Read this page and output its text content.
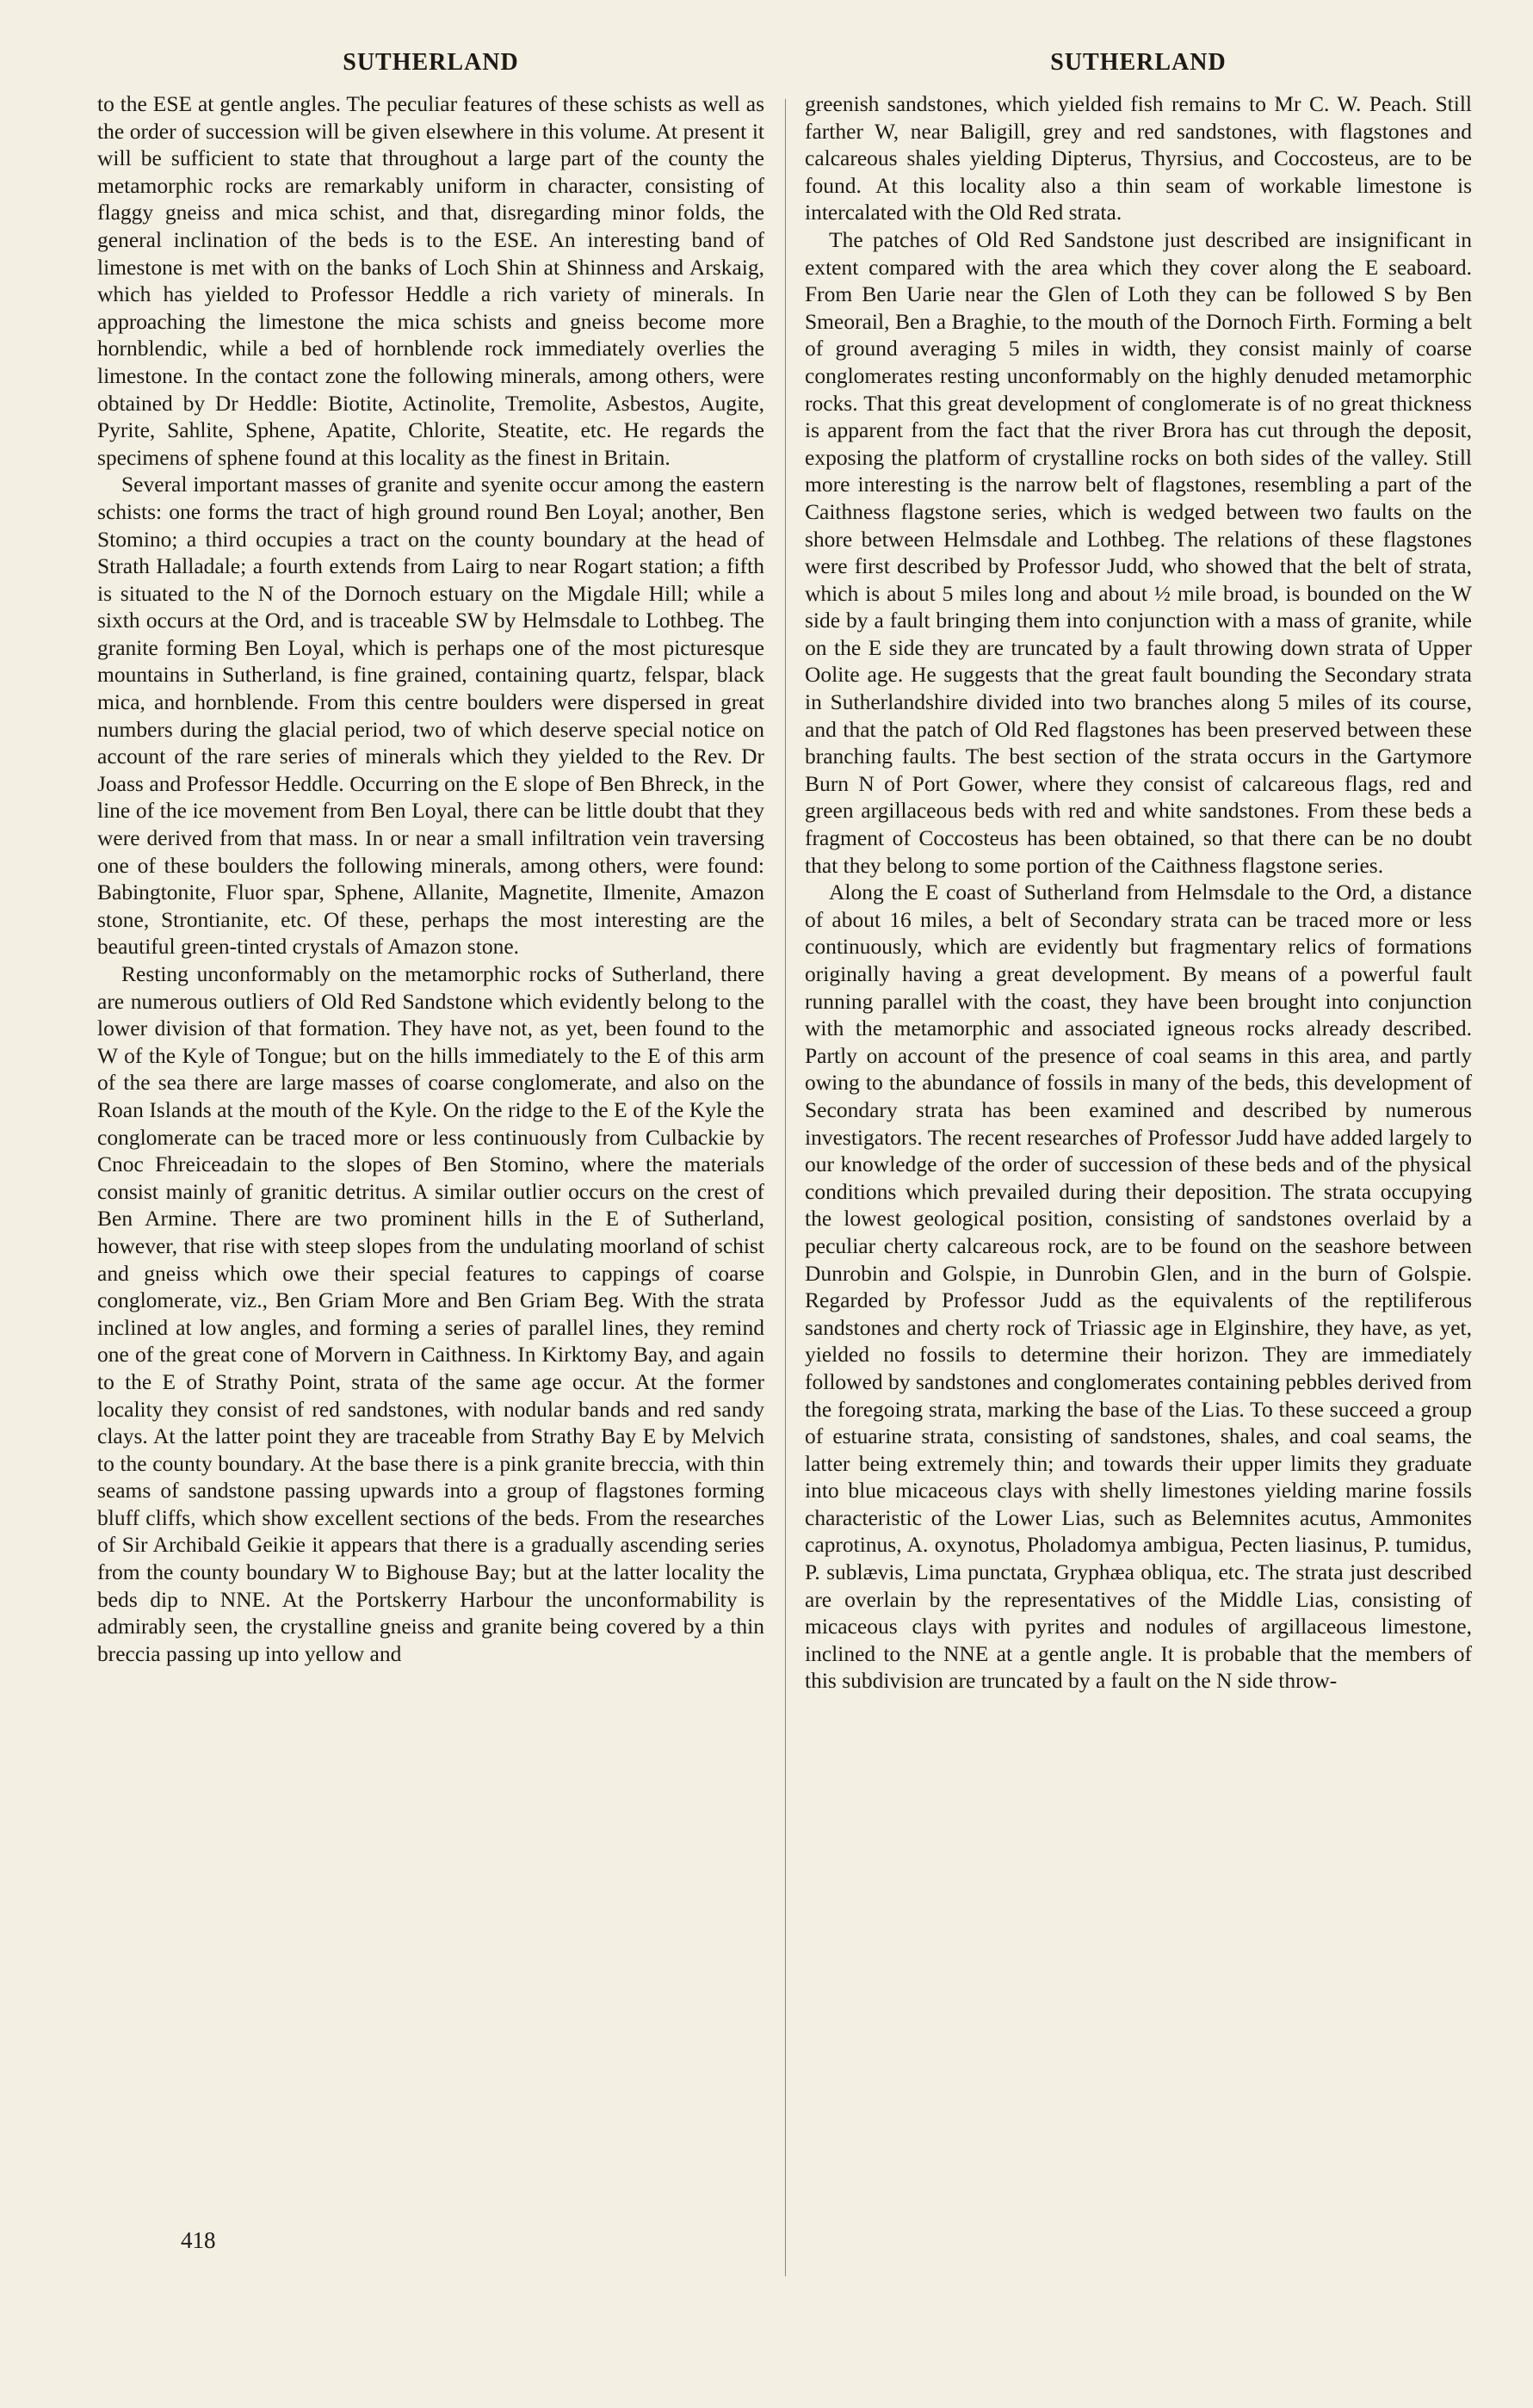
SUTHERLAND	SUTHERLAND

to the ESE at gentle angles. The peculiar features of these schists as well as the order of succession will be given elsewhere in this volume. At present it will be sufficient to state that throughout a large part of the county the metamorphic rocks are remarkably uniform in character, consisting of flaggy gneiss and mica schist, and that, disregarding minor folds, the general inclination of the beds is to the ESE. An interesting band of limestone is met with on the banks of Loch Shin at Shinness and Arskaig, which has yielded to Professor Heddle a rich variety of minerals. In approaching the limestone the mica schists and gneiss become more hornblendic, while a bed of hornblende rock immediately overlies the limestone. In the contact zone the following minerals, among others, were obtained by Dr Heddle: Biotite, Actinolite, Tremolite, Asbestos, Augite, Pyrite, Sahlite, Sphene, Apatite, Chlorite, Steatite, etc. He regards the specimens of sphene found at this locality as the finest in Britain.

Several important masses of granite and syenite occur among the eastern schists: one forms the tract of high ground round Ben Loyal; another, Ben Stomino; a third occupies a tract on the county boundary at the head of Strath Halladale; a fourth extends from Lairg to near Rogart station; a fifth is situated to the N of the Dornoch estuary on the Migdale Hill; while a sixth occurs at the Ord, and is traceable SW by Helmsdale to Lothbeg. The granite forming Ben Loyal, which is perhaps one of the most picturesque mountains in Sutherland, is fine grained, containing quartz, felspar, black mica, and hornblende. From this centre boulders were dispersed in great numbers during the glacial period, two of which deserve special notice on account of the rare series of minerals which they yielded to the Rev. Dr Joass and Professor Heddle. Occurring on the E slope of Ben Bhreck, in the line of the ice movement from Ben Loyal, there can be little doubt that they were derived from that mass. In or near a small infiltration vein traversing one of these boulders the following minerals, among others, were found: Babingtonite, Fluor spar, Sphene, Allanite, Magnetite, Ilmenite, Amazon stone, Strontianite, etc. Of these, perhaps the most interesting are the beautiful green-tinted crystals of Amazon stone.

Resting unconformably on the metamorphic rocks of Sutherland, there are numerous outliers of Old Red Sandstone which evidently belong to the lower division of that formation. They have not, as yet, been found to the W of the Kyle of Tongue; but on the hills immediately to the E of this arm of the sea there are large masses of coarse conglomerate, and also on the Roan Islands at the mouth of the Kyle. On the ridge to the E of the Kyle the conglomerate can be traced more or less continuously from Culbackie by Cnoc Fhreiceadain to the slopes of Ben Stomino, where the materials consist mainly of granitic detritus. A similar outlier occurs on the crest of Ben Armine. There are two prominent hills in the E of Sutherland, however, that rise with steep slopes from the undulating moorland of schist and gneiss which owe their special features to cappings of coarse conglomerate, viz., Ben Griam More and Ben Griam Beg. With the strata inclined at low angles, and forming a series of parallel lines, they remind one of the great cone of Morvern in Caithness. In Kirktomy Bay, and again to the E of Strathy Point, strata of the same age occur. At the former locality they consist of red sandstones, with nodular bands and red sandy clays. At the latter point they are traceable from Strathy Bay E by Melvich to the county boundary. At the base there is a pink granite breccia, with thin seams of sandstone passing upwards into a group of flagstones forming bluff cliffs, which show excellent sections of the beds. From the researches of Sir Archibald Geikie it appears that there is a gradually ascending series from the county boundary W to Bighouse Bay; but at the latter locality the beds dip to NNE. At the Portskerry Harbour the unconformability is admirably seen, the crystalline gneiss and granite being covered by a thin breccia passing up into yellow and

greenish sandstones, which yielded fish remains to Mr C. W. Peach. Still farther W, near Baligill, grey and red sandstones, with flagstones and calcareous shales yielding Dipterus, Thyrsius, and Coccosteus, are to be found. At this locality also a thin seam of workable limestone is intercalated with the Old Red strata.

The patches of Old Red Sandstone just described are insignificant in extent compared with the area which they cover along the E seaboard. From Ben Uarie near the Glen of Loth they can be followed S by Ben Smeorail, Ben a Braghie, to the mouth of the Dornoch Firth. Forming a belt of ground averaging 5 miles in width, they consist mainly of coarse conglomerates resting unconformably on the highly denuded metamorphic rocks. That this great development of conglomerate is of no great thickness is apparent from the fact that the river Brora has cut through the deposit, exposing the platform of crystalline rocks on both sides of the valley. Still more interesting is the narrow belt of flagstones, resembling a part of the Caithness flagstone series, which is wedged between two faults on the shore between Helmsdale and Lothbeg. The relations of these flagstones were first described by Professor Judd, who showed that the belt of strata, which is about 5 miles long and about ½ mile broad, is bounded on the W side by a fault bringing them into conjunction with a mass of granite, while on the E side they are truncated by a fault throwing down strata of Upper Oolite age. He suggests that the great fault bounding the Secondary strata in Sutherlandshire divided into two branches along 5 miles of its course, and that the patch of Old Red flagstones has been preserved between these branching faults. The best section of the strata occurs in the Gartymore Burn N of Port Gower, where they consist of calcareous flags, red and green argillaceous beds with red and white sandstones. From these beds a fragment of Coccosteus has been obtained, so that there can be no doubt that they belong to some portion of the Caithness flagstone series.

Along the E coast of Sutherland from Helmsdale to the Ord, a distance of about 16 miles, a belt of Secondary strata can be traced more or less continuously, which are evidently but fragmentary relics of formations originally having a great development. By means of a powerful fault running parallel with the coast, they have been brought into conjunction with the metamorphic and associated igneous rocks already described. Partly on account of the presence of coal seams in this area, and partly owing to the abundance of fossils in many of the beds, this development of Secondary strata has been examined and described by numerous investigators. The recent researches of Professor Judd have added largely to our knowledge of the order of succession of these beds and of the physical conditions which prevailed during their deposition. The strata occupying the lowest geological position, consisting of sandstones overlaid by a peculiar cherty calcareous rock, are to be found on the seashore between Dunrobin and Golspie, in Dunrobin Glen, and in the burn of Golspie. Regarded by Professor Judd as the equivalents of the reptiliferous sandstones and cherty rock of Triassic age in Elginshire, they have, as yet, yielded no fossils to determine their horizon. They are immediately followed by sandstones and conglomerates containing pebbles derived from the foregoing strata, marking the base of the Lias. To these succeed a group of estuarine strata, consisting of sandstones, shales, and coal seams, the latter being extremely thin; and towards their upper limits they graduate into blue micaceous clays with shelly limestones yielding marine fossils characteristic of the Lower Lias, such as Belemnites acutus, Ammonites caprotinus, A. oxynotus, Pholadomya ambigua, Pecten liasinus, P. tumidus, P. sublævis, Lima punctata, Gryphæa obliqua, etc. The strata just described are overlain by the representatives of the Middle Lias, consisting of micaceous clays with pyrites and nodules of argillaceous limestone, inclined to the NNE at a gentle angle. It is probable that the members of this subdivision are truncated by a fault on the N side throw-

418
